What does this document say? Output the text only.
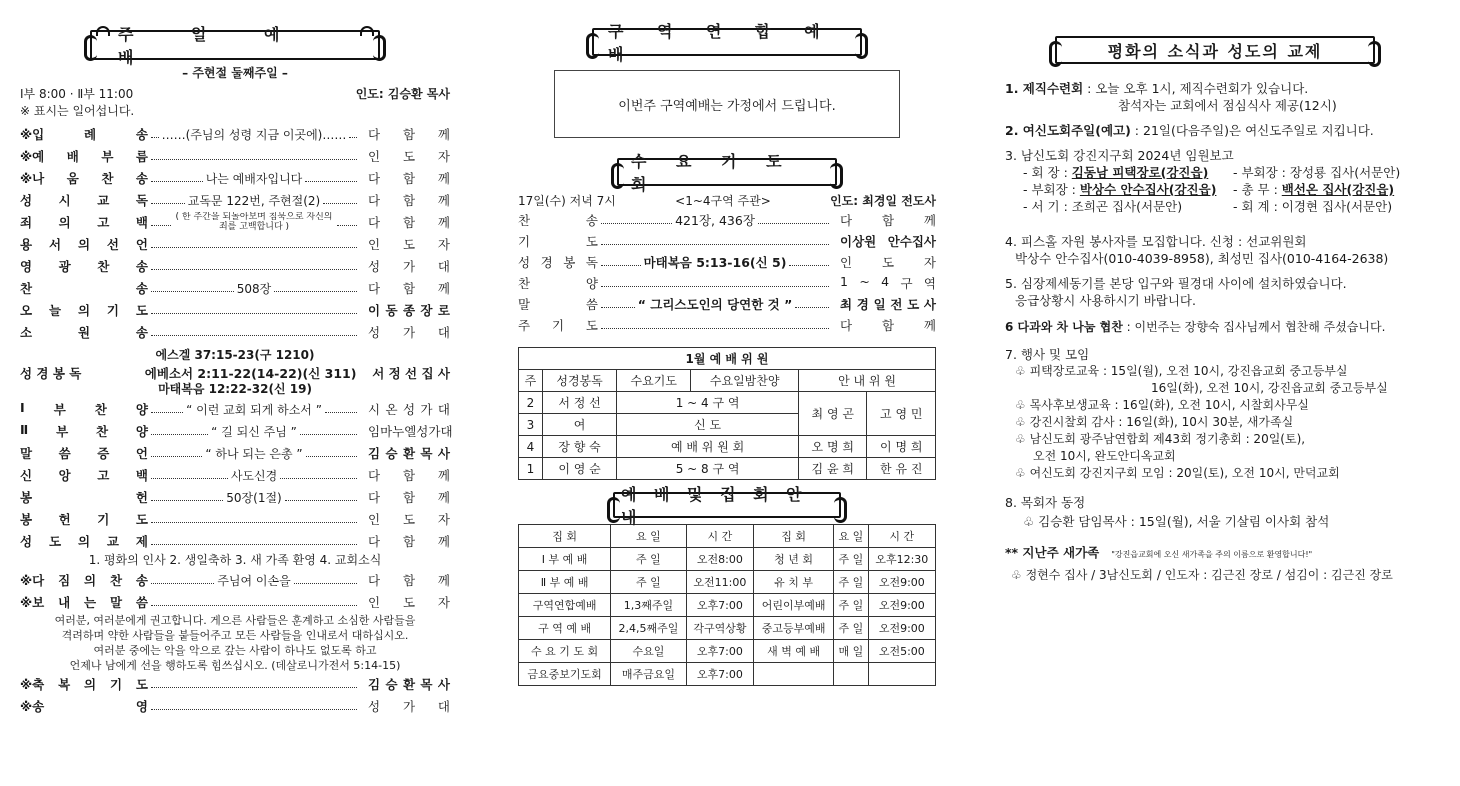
주 일 예 배
– 주현절 둘째주일 –
Ⅰ부 8:00 · Ⅱ부 11:00	인도: 김승환 목사
※ 표시는 일어섭니다.
※입	례	송 ……(주님의 성령 지금 이곳에)…… 다 함 께
※예 배 부 름	인 도 자
※나 움 찬 송	나는 예배자입니다	다 함 께
성 시 교 독	교독문 122번, 주현절(2)	다 함 께
죄 의 고 백	( 한 주간을 되돌아보며 침묵으로 자신의 죄를 고백합니다 )	다 함 께
용 서 의 선 언	인 도 자
영 광 찬 송	성 가 대
찬	송	508장	다 함 께
오 늘 의 기 도	이 동 종 장 로
소	원	송	성 가 대
에스겔 37:15-23(구 1210)
성 경 봉 독	에베소서 2:11-22(14-22)(신 311)	서 정 선 집 사
마태복음 12:22-32(신 19)
Ⅰ 부 찬 양	“ 이런 교회 되게 하소서 ”	시 온 성 가 대
Ⅱ 부 찬 양	“ 길 되신 주님 ”	임마누엘성가대
말 씀 증 언	“ 하나 되는 은총 ”	김 승 환 목 사
신 앙 고 백	사도신경	다 함 께
봉	헌	50장(1절)	다 함 께
봉 헌 기 도	인 도 자
성 도 의 교 제	다 함 께
1. 평화의 인사 2. 생일축하 3. 새 가족 환영 4. 교회소식
※다 짐 의 찬 송	주님여 이손을	다 함 께
※보 내 는 말 씀	인 도 자
여러분, 여러분에게 권고합니다. 게으른 사람들은 훈계하고 소심한 사람들을
격려하며 약한 사람들을 붙들어주고 모든 사람들을 인내로서 대하십시오.
여러분 중에는 악을 악으로 갚는 사람이 하나도 없도록 하고
언제나 남에게 선을 행하도록 힘쓰십시오. (데살로니가전서 5:14-15)
※축 복 의 기 도	김 승 환 목 사
※송	영	성 가 대
구 역 연 합 예 배
이번주 구역예배는 가정에서 드립니다.
수 요 기 도 회
17일(수) 저녁 7시	<1~4구역 주관>	인도: 최경일 전도사
찬	송	421장, 436장	다 함 께
기	도	이상원 안수집사
성 경 봉 독	마태복음 5:13-16(신 5)	인 도 자
찬	양	1 ~ 4 구 역
말	씀	“ 그리스도인의 당연한 것 ”	최 경 일 전 도 사
주 기 도	다 함 께
1월 예 배 위 원					
주	성경봉독	수요기도	수요일밤찬양	안 내 위 원	
2	서 정 선	1 ~ 4 구 역		최 영 곤	고 영 민
3	여	신 도			
4	장 향 숙	예 배 위 원 회		오 명 희	이 명 희
1	이 영 순	5 ~ 8 구 역		김 윤 희	한 유 진
예 배 및 집 회 안 내
집 회	요 일	시 간	집 회	요 일	시 간
Ⅰ 부 예 배	주 일	오전8:00	청 년 회	주 일	오후12:30
Ⅱ 부 예 배	주 일	오전11:00	유 치 부	주 일	오전9:00
구역연합예배	1,3째주일	오후7:00	어린이부예배	주 일	오전9:00
구 역 예 배	2,4,5째주일	각구역상황	중고등부예배	주 일	오전9:00
수 요 기 도 회	수요일	오후7:00	새 벽 예 배	매 일	오전5:00
금요중보기도회	매주금요일	오후7:00			
평화의 소식과 성도의 교제
1. 제직수련회 : 오늘 오후 1시, 제직수련회가 있습니다.
참석자는 교회에서 점심식사 제공(12시)
2. 여신도회주일(예고) : 21일(다음주일)은 여신도주일로 지킵니다.
3. 남신도회 강진지구회 2024년 임원보고
- 회 장 : 김동남 피택장로(강진읍)	- 부회장 : 장성룡 집사(서문안)
- 부회장 : 박상수 안수집사(강진읍)	- 총 무 : 백선온 집사(강진읍)
- 서 기 : 조희곤 집사(서문안)	- 회 계 : 이경현 집사(서문안)
4. 피스홀 자원 봉사자를 모집합니다. 신청 : 선교위원회
박상수 안수집사(010-4039-8958), 최성민 집사(010-4164-2638)
5. 심장제세동기를 본당 입구와 필경대 사이에 설치하였습니다.
응급상황시 사용하시기 바랍니다.
6 다과와 차 나눔 협찬 : 이번주는 장향숙 집사님께서 협찬해 주셨습니다.
7. 행사 및 모임
♧ 피택장로교육 : 15일(월), 오전 10시, 강진읍교회 중고등부실
16일(화), 오전 10시, 강진읍교회 중고등부실
♧ 목사후보생교육 : 16일(화), 오전 10시, 시찰회사무실
♧ 강진시찰회 감사 : 16일(화), 10시 30분, 새가족실
♧ 남신도회 광주남연합회 제43회 정기총회 : 20일(토),
오전 10시, 완도안디옥교회
♧ 여신도회 강진지구회 모임 : 20일(토), 오전 10시, 만덕교회
8. 목회자 동정
♧ 김승환 담임목사 : 15일(월), 서울 기살림 이사회 참석
** 지난주 새가족 "강진읍교회에 오신 새가족을 주의 이름으로 환영합니다!"
♧ 정현수 집사 / 3남신도회 / 인도자 : 김근진 장로 / 섬김이 : 김근진 장로
